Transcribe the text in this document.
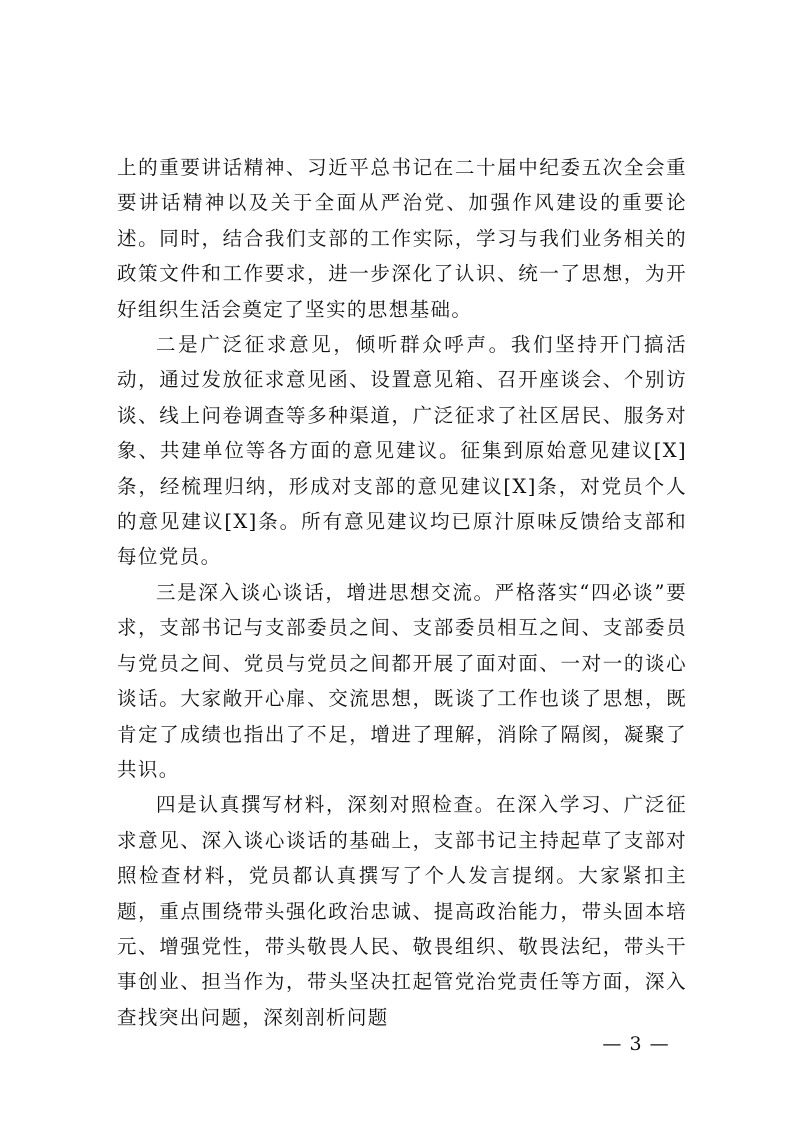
上的重要讲话精神、习近平总书记在二十届中纪委五次全会重要讲话精神以及关于全面从严治党、加强作风建设的重要论述。同时，结合我们支部的工作实际，学习与我们业务相关的政策文件和工作要求，进一步深化了认识、统一了思想，为开好组织生活会奠定了坚实的思想基础。

二是广泛征求意见，倾听群众呼声。我们坚持开门搞活动，通过发放征求意见函、设置意见箱、召开座谈会、个别访谈、线上问卷调查等多种渠道，广泛征求了社区居民、服务对象、共建单位等各方面的意见建议。征集到原始意见建议[X]条，经梳理归纳，形成对支部的意见建议[X]条，对党员个人的意见建议[X]条。所有意见建议均已原汁原味反馈给支部和每位党员。

三是深入谈心谈话，增进思想交流。严格落实“四必谈”要求，支部书记与支部委员之间、支部委员相互之间、支部委员与党员之间、党员与党员之间都开展了面对面、一对一的谈心谈话。大家敞开心扉、交流思想，既谈了工作也谈了思想，既肯定了成绩也指出了不足，增进了理解，消除了隔阂，凝聚了共识。

四是认真撰写材料，深刻对照检查。在深入学习、广泛征求意见、深入谈心谈话的基础上，支部书记主持起草了支部对照检查材料，党员都认真撰写了个人发言提纲。大家紧扣主题，重点围绕带头强化政治忠诚、提高政治能力，带头固本培元、增强党性，带头敬畏人民、敬畏组织、敬畏法纪，带头干事创业、担当作为，带头坚决扛起管党治党责任等方面，深入查找突出问题，深刻剖析问题

— 3 —
